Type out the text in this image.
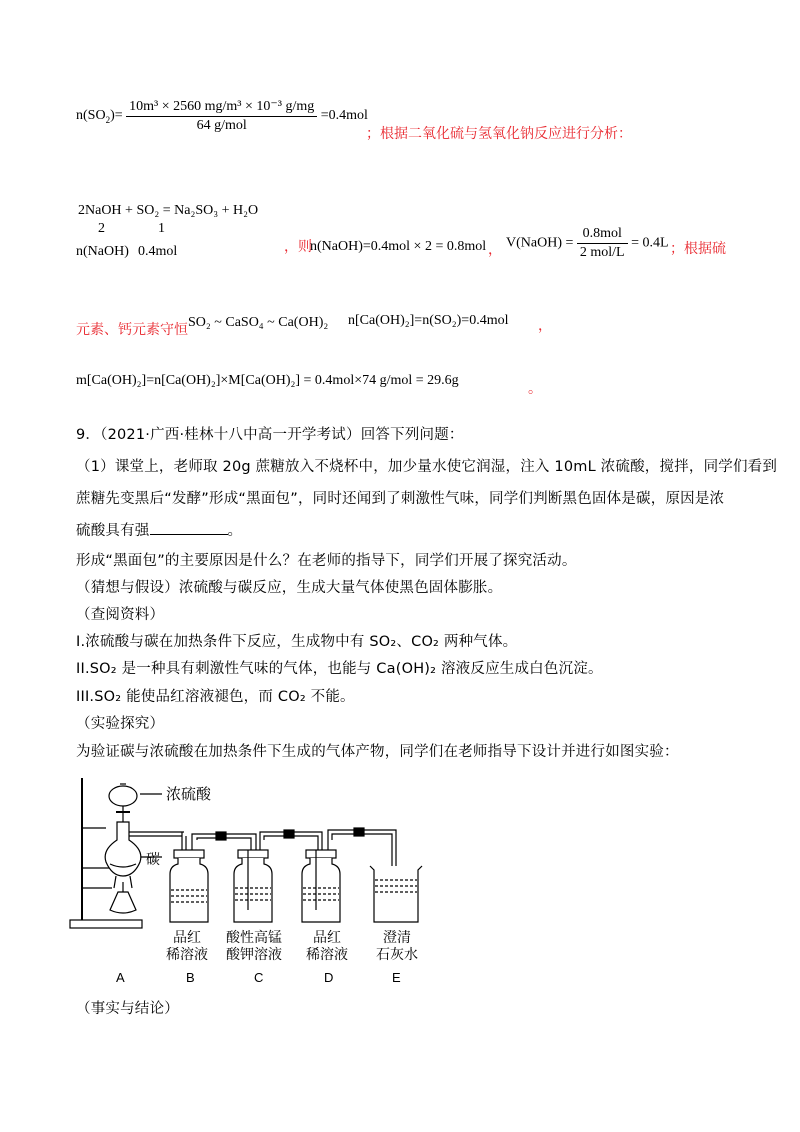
$n(SO_2)= \frac{\text{10m³ × 2560 mg/m³ × 10⁻³ g/mg}}{\text{64 g/mol}} =0.4mol$
；根据二氧化硫与氢氧化钠反应进行分析：
2NaOH + SO₂ = Na₂SO₃ + H₂O
2	1
n(NaOH) 0.4mol	，则
n(NaOH)=0.4mol × 2 = 0.8mol ， V(NaOH) = $\frac{\text{0.8mol}}{\text{2 mol/L}} = 0.4L$ ；根据硫
元素、钙元素守恒 SO₂ ~ CaSO₄ ~ Ca(OH)₂ n[Ca(OH)₂]=n(SO₂)=0.4mol ，
m[Ca(OH)₂]=n[Ca(OH)₂]×M[Ca(OH)₂] = 0.4mol×74 g/mol = 29.6g
。
9．（2021·广西·桂林十八中高一开学考试）回答下列问题：
（1）课堂上，老师取 20g 蔗糖放入不烧杯中，加少量水使它润湿，注入 10mL 浓硫酸，搅拌，同学们看到
蔗糖先变黑后“发酵”形成“黑面包”，同时还闻到了刺激性气味，同学们判断黑色固体是碳，原因是浓
硫酸具有强	。
形成“黑面包”的主要原因是什么？在老师的指导下，同学们开展了探究活动。
（猜想与假设）浓硫酸与碳反应，生成大量气体使黑色固体膨胀。
（查阅资料）
I.浓硫酸与碳在加热条件下反应，生成物中有 SO₂、CO₂ 两种气体。
II.SO₂ 是一种具有刺激性气味的气体，也能与 Ca(OH)₂ 溶液反应生成白色沉淀。
III.SO₂ 能使品红溶液褪色，而 CO₂ 不能。
（实验探究）
为验证碳与浓硫酸在加热条件下生成的气体产物，同学们在老师指导下设计并进行如图实验：
浓硫酸
碳
品红
稀溶液
酸性高锰
酸钾溶液
品红
稀溶液
澄清
石灰水
A	B	C	D	E
（事实与结论）
